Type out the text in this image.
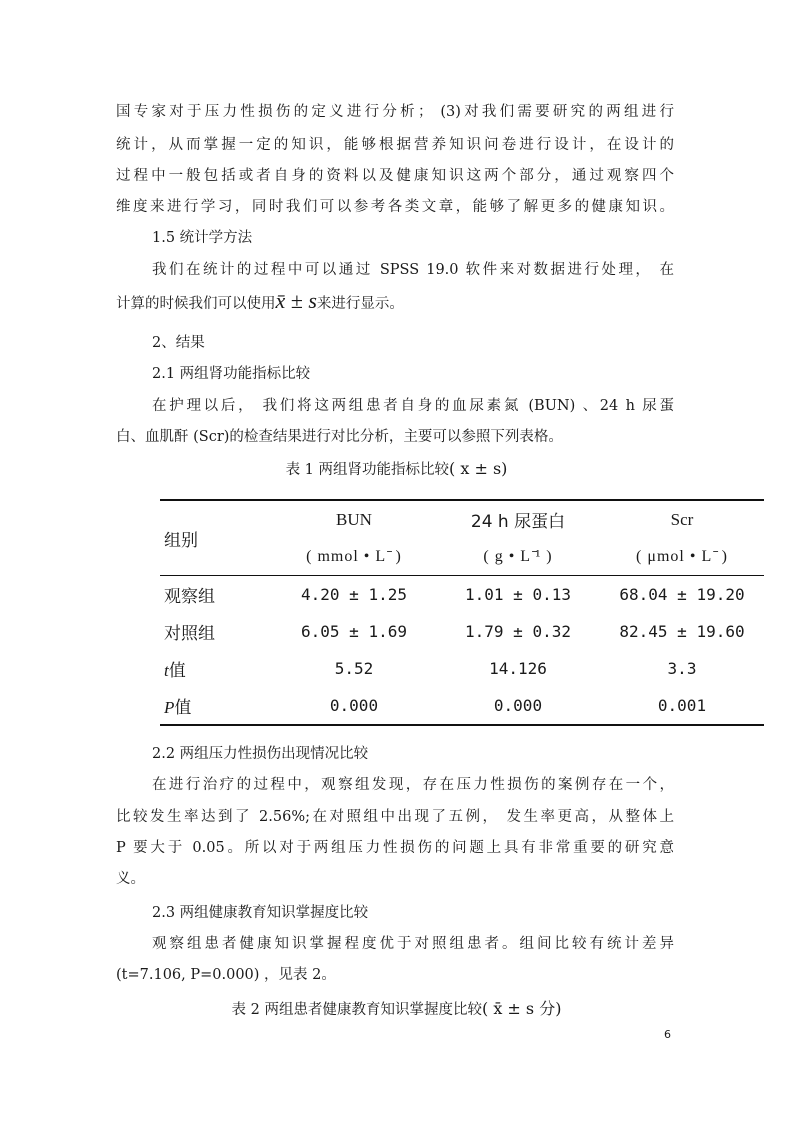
国专家对于压力性损伤的定义进行分析； (3)对我们需要研究的两组进行
统计，从而掌握一定的知识，能够根据营养知识问卷进行设计，在设计的
过程中一般包括或者自身的资料以及健康知识这两个部分，通过观察四个
维度来进行学习，同时我们可以参考各类文章，能够了解更多的健康知识。
1.5 统计学方法
我们在统计的过程中可以通过 SPSS 19.0 软件来对数据进行处理， 在
计算的时候我们可以使用x̄ ± s来进行显示。
2、结果
2.1 两组肾功能指标比较
在护理以后， 我们将这两组患者自身的血尿素氮 (BUN) 、24 h 尿蛋
白、血肌酐 (Scr)的检查结果进行对比分析，主要可以参照下列表格。
表 1 两组肾功能指标比较( x ± s)
组别	BUN	24 h 尿蛋白	Scr
	( mmol • L ̄ )	( g • L ̄¹ )	( μmol • L ̄ )
观察组	4.20 ± 1.25	1.01 ± 0.13	68.04 ± 19.20
对照组	6.05 ± 1.69	1.79 ± 0.32	82.45 ± 19.60
t值	5.52	14.126	3.3
P值	0.000	0.000	0.001
2.2 两组压力性损伤出现情况比较
在进行治疗的过程中，观察组发现，存在压力性损伤的案例存在一个，
比较发生率达到了 2.56%;在对照组中出现了五例， 发生率更高，从整体上
P 要大于 0.05。所以对于两组压力性损伤的问题上具有非常重要的研究意
义。
2.3 两组健康教育知识掌握度比较
观察组患者健康知识掌握程度优于对照组患者。组间比较有统计差异
(t=7.106, P=0.000) ，见表 2。
表 2 两组患者健康教育知识掌握度比较( x̄ ± s 分)
6
